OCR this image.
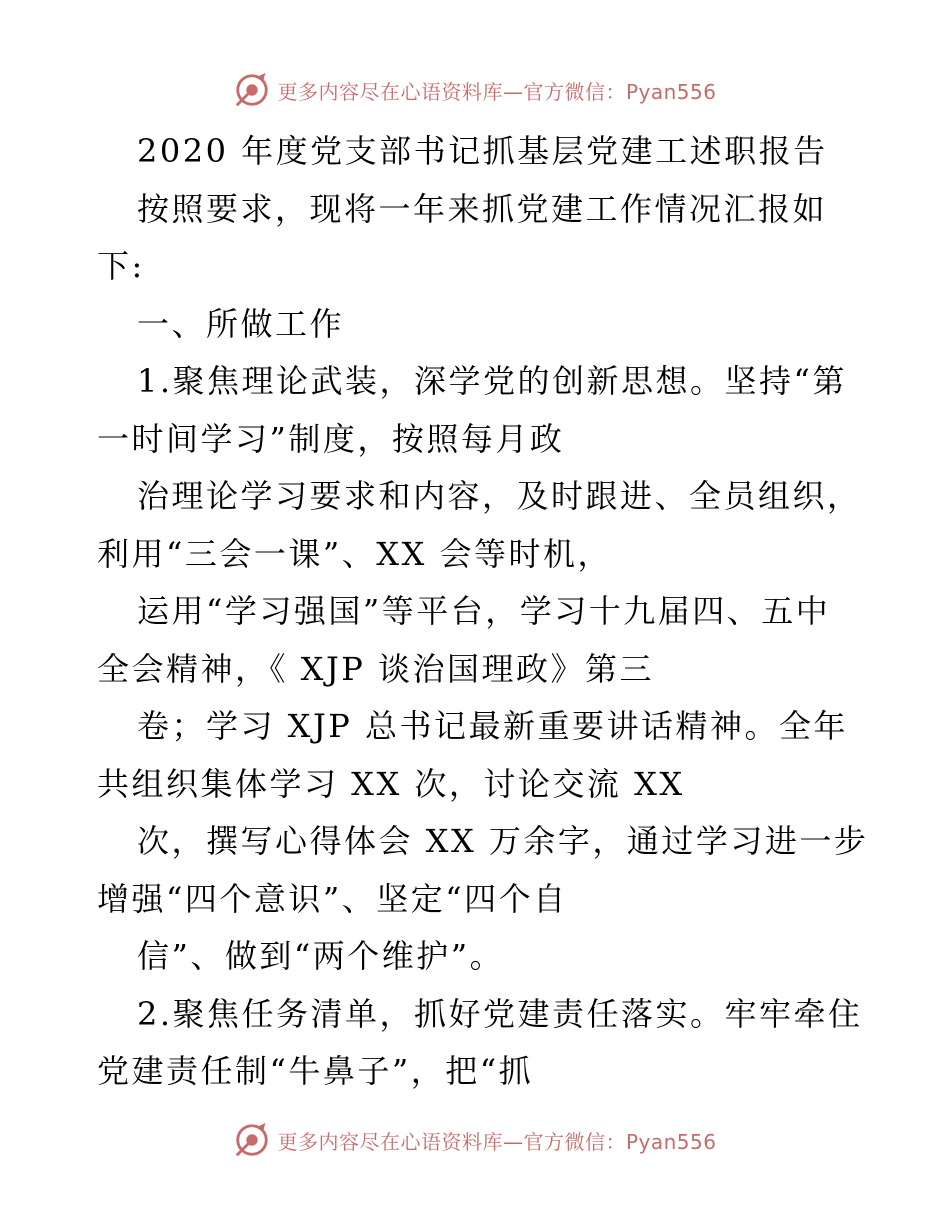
更多内容尽在心语资料库—官方微信：Pyan556
2020 年度党支部书记抓基层党建工述职报告
按照要求，现将一年来抓党建工作情况汇报如
下:
一、所做工作
1.聚焦理论武装，深学党的创新思想。坚持“第
一时间学习”制度，按照每月政
治理论学习要求和内容，及时跟进、全员组织，
利用“三会一课”、XX 会等时机，
运用“学习强国”等平台，学习十九届四、五中
全会精神，《 XJP 谈治国理政》第三
卷；学习 XJP 总书记最新重要讲话精神。全年
共组织集体学习 XX 次，讨论交流 XX
次，撰写心得体会 XX 万余字，通过学习进一步
增强“四个意识”、坚定“四个自
信”、做到“两个维护”。
2.聚焦任务清单，抓好党建责任落实。牢牢牵住
党建责任制“牛鼻子”，把“抓
更多内容尽在心语资料库—官方微信：Pyan556
